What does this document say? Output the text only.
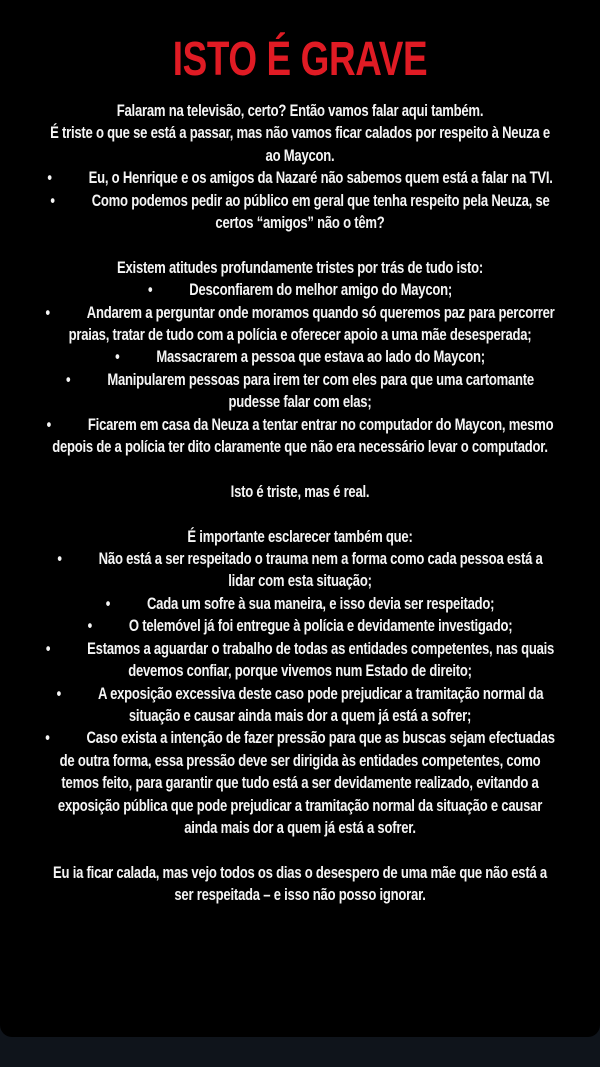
ISTO É GRAVE

Falaram na televisão, certo? Então vamos falar aqui também.

É triste o que se está a passar, mas não vamos ficar calados por respeito à Neuza e ao Maycon.

• Eu, o Henrique e os amigos da Nazaré não sabemos quem está a falar na TVI.

• Como podemos pedir ao público em geral que tenha respeito pela Neuza, se certos “amigos” não o têm?

Existem atitudes profundamente tristes por trás de tudo isto:

• Desconfiarem do melhor amigo do Maycon;

• Andarem a perguntar onde moramos quando só queremos paz para percorrer praias, tratar de tudo com a polícia e oferecer apoio a uma mãe desesperada;

• Massacrarem a pessoa que estava ao lado do Maycon;

• Manipularem pessoas para irem ter com eles para que uma cartomante pudesse falar com elas;

• Ficarem em casa da Neuza a tentar entrar no computador do Maycon, mesmo depois de a polícia ter dito claramente que não era necessário levar o computador.

Isto é triste, mas é real.

É importante esclarecer também que:

• Não está a ser respeitado o trauma nem a forma como cada pessoa está a lidar com esta situação;

• Cada um sofre à sua maneira, e isso devia ser respeitado;

• O telemóvel já foi entregue à polícia e devidamente investigado;

• Estamos a aguardar o trabalho de todas as entidades competentes, nas quais devemos confiar, porque vivemos num Estado de direito;

• A exposição excessiva deste caso pode prejudicar a tramitação normal da situação e causar ainda mais dor a quem já está a sofrer;

• Caso exista a intenção de fazer pressão para que as buscas sejam efectuadas de outra forma, essa pressão deve ser dirigida às entidades competentes, como temos feito, para garantir que tudo está a ser devidamente realizado, evitando a exposição pública que pode prejudicar a tramitação normal da situação e causar ainda mais dor a quem já está a sofrer.

Eu ia ficar calada, mas vejo todos os dias o desespero de uma mãe que não está a ser respeitada – e isso não posso ignorar.
